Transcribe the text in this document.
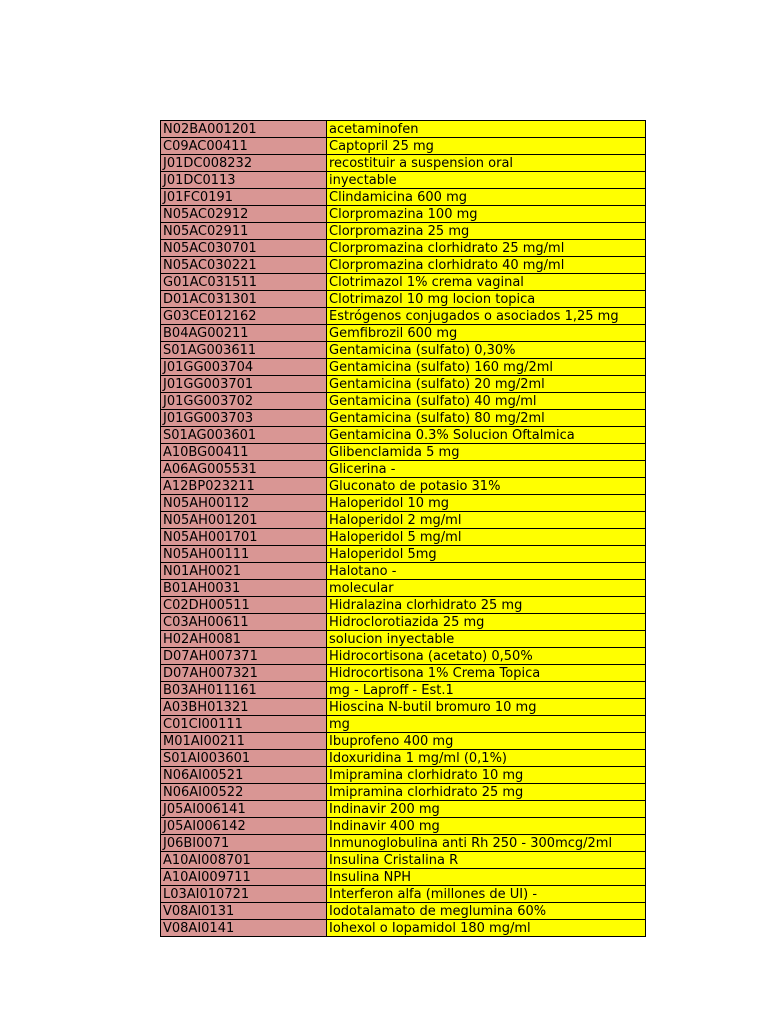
N02BA001201	acetaminofen
C09AC00411	Captopril 25 mg
J01DC008232	recostituir a suspension oral
J01DC0113	inyectable
J01FC0191	Clindamicina 600 mg
N05AC02912	Clorpromazina 100 mg
N05AC02911	Clorpromazina 25 mg
N05AC030701	Clorpromazina clorhidrato 25 mg/ml
N05AC030221	Clorpromazina clorhidrato 40 mg/ml
G01AC031511	Clotrimazol 1% crema vaginal
D01AC031301	Clotrimazol 10 mg locion topica
G03CE012162	Estrógenos conjugados o asociados 1,25 mg
B04AG00211	Gemfibrozil 600 mg
S01AG003611	Gentamicina (sulfato) 0,30%
J01GG003704	Gentamicina (sulfato) 160 mg/2ml
J01GG003701	Gentamicina (sulfato) 20 mg/2ml
J01GG003702	Gentamicina (sulfato) 40 mg/ml
J01GG003703	Gentamicina (sulfato) 80 mg/2ml
S01AG003601	Gentamicina 0.3% Solucion Oftalmica
A10BG00411	Glibenclamida 5 mg
A06AG005531	Glicerina -
A12BP023211	Gluconato de potasio 31%
N05AH00112	Haloperidol 10 mg
N05AH001201	Haloperidol 2 mg/ml
N05AH001701	Haloperidol 5 mg/ml
N05AH00111	Haloperidol 5mg
N01AH0021	Halotano -
B01AH0031	molecular
C02DH00511	Hidralazina clorhidrato 25 mg
C03AH00611	Hidroclorotiazida 25 mg
H02AH0081	solucion inyectable
D07AH007371	Hidrocortisona (acetato) 0,50%
D07AH007321	Hidrocortisona 1% Crema Topica
B03AH011161	mg - Laproff - Est.1
A03BH01321	Hioscina N-butil bromuro 10 mg
C01CI00111	mg
M01AI00211	Ibuprofeno 400 mg
S01AI003601	Idoxuridina 1 mg/ml (0,1%)
N06AI00521	Imipramina clorhidrato 10 mg
N06AI00522	Imipramina clorhidrato 25 mg
J05AI006141	Indinavir 200 mg
J05AI006142	Indinavir 400 mg
J06BI0071	Inmunoglobulina anti Rh 250 - 300mcg/2ml
A10AI008701	Insulina Cristalina R
A10AI009711	Insulina NPH
L03AI010721	Interferon alfa (millones de UI) -
V08AI0131	Iodotalamato de meglumina 60%
V08AI0141	Iohexol o Iopamidol 180 mg/ml
